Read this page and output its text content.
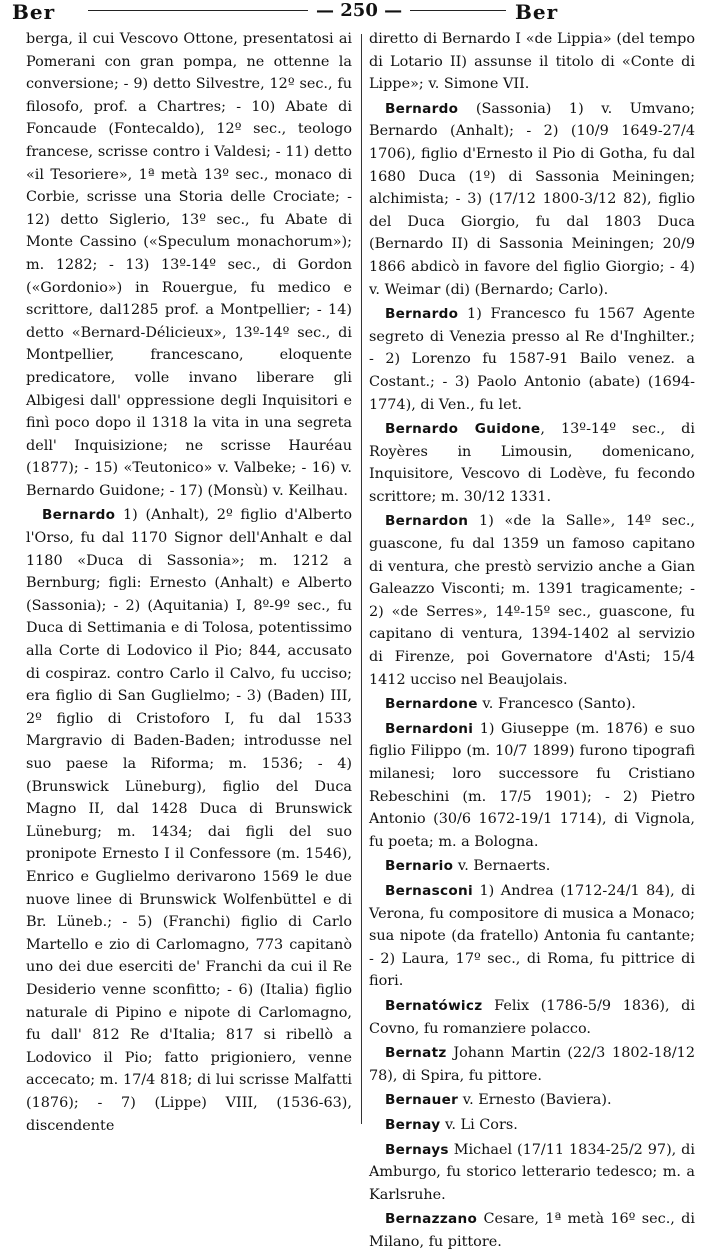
Ber	— 250 —	Ber

berga, il cui Vescovo Ottone, presentatosi ai Pomerani con gran pompa, ne ottenne la conversione; - 9) detto Silvestre, 12º sec., fu filosofo, prof. a Chartres; - 10) Abate di Foncaude (Fontecaldo), 12º sec., teologo francese, scrisse contro i Valdesi; - 11) detto «il Tesoriere», 1ª metà 13º sec., monaco di Corbie, scrisse una Storia delle Crociate; - 12) detto Siglerio, 13º sec., fu Abate di Monte Cassino («Speculum monachorum»); m. 1282; - 13) 13º-14º sec., di Gordon («Gordonio») in Rouergue, fu medico e scrittore, dal1285 prof. a Montpellier; - 14) detto «Bernard-Délicieux», 13º-14º sec., di Montpellier, francescano, eloquente predicatore, volle invano liberare gli Albigesi dall' oppressione degli Inquisitori e finì poco dopo il 1318 la vita in una segreta dell' Inquisizione; ne scrisse Hauréau (1877); - 15) «Teutonico» v. Valbeke; - 16) v. Bernardo Guidone; - 17) (Monsù) v. Keilhau.

Bernardo 1) (Anhalt), 2º figlio d'Alberto l'Orso, fu dal 1170 Signor dell'Anhalt e dal 1180 «Duca di Sassonia»; m. 1212 a Bernburg; figli: Ernesto (Anhalt) e Alberto (Sassonia); - 2) (Aquitania) I, 8º-9º sec., fu Duca di Settimania e di Tolosa, potentissimo alla Corte di Lodovico il Pio; 844, accusato di cospiraz. contro Carlo il Calvo, fu ucciso; era figlio di San Guglielmo; - 3) (Baden) III, 2º figlio di Cristoforo I, fu dal 1533 Margravio di Baden-Baden; introdusse nel suo paese la Riforma; m. 1536; - 4) (Brunswick Lüneburg), figlio del Duca Magno II, dal 1428 Duca di Brunswick Lüneburg; m. 1434; dai figli del suo pronipote Ernesto I il Confessore (m. 1546), Enrico e Guglielmo derivarono 1569 le due nuove linee di Brunswick Wolfenbüttel e di Br. Lüneb.; - 5) (Franchi) figlio di Carlo Martello e zio di Carlomagno, 773 capitanò uno dei due eserciti de' Franchi da cui il Re Desiderio venne sconfitto; - 6) (Italia) figlio naturale di Pipino e nipote di Carlomagno, fu dall' 812 Re d'Italia; 817 si ribellò a Lodovico il Pio; fatto prigioniero, venne accecato; m. 17/4 818; di lui scrisse Malfatti (1876); - 7) (Lippe) VIII, (1536-63), discendente

diretto di Bernardo I «de Lippia» (del tempo di Lotario II) assunse il titolo di «Conte di Lippe»; v. Simone VII.

Bernardo (Sassonia) 1) v. Umvano; Bernardo (Anhalt); - 2) (10/9 1649-27/4 1706), figlio d'Ernesto il Pio di Gotha, fu dal 1680 Duca (1º) di Sassonia Meiningen; alchimista; - 3) (17/12 1800-3/12 82), figlio del Duca Giorgio, fu dal 1803 Duca (Bernardo II) di Sassonia Meiningen; 20/9 1866 abdicò in favore del figlio Giorgio; - 4) v. Weimar (di) (Bernardo; Carlo).

Bernardo 1) Francesco fu 1567 Agente segreto di Venezia presso al Re d'Inghilter.; - 2) Lorenzo fu 1587-91 Bailo venez. a Costant.; - 3) Paolo Antonio (abate) (1694-1774), di Ven., fu let.

Bernardo Guidone, 13º-14º sec., di Royères in Limousin, domenicano, Inquisitore, Vescovo di Lodève, fu fecondo scrittore; m. 30/12 1331.

Bernardon 1) «de la Salle», 14º sec., guascone, fu dal 1359 un famoso capitano di ventura, che prestò servizio anche a Gian Galeazzo Visconti; m. 1391 tragicamente; - 2) «de Serres», 14º-15º sec., guascone, fu capitano di ventura, 1394-1402 al servizio di Firenze, poi Governatore d'Asti; 15/4 1412 ucciso nel Beaujolais.

Bernardone v. Francesco (Santo).

Bernardoni 1) Giuseppe (m. 1876) e suo figlio Filippo (m. 10/7 1899) furono tipografi milanesi; loro successore fu Cristiano Rebeschini (m. 17/5 1901); - 2) Pietro Antonio (30/6 1672-19/1 1714), di Vignola, fu poeta; m. a Bologna.

Bernario v. Bernaerts.

Bernasconi 1) Andrea (1712-24/1 84), di Verona, fu compositore di musica a Monaco; sua nipote (da fratello) Antonia fu cantante; - 2) Laura, 17º sec., di Roma, fu pittrice di fiori.

Bernatówicz Felix (1786-5/9 1836), di Covno, fu romanziere polacco.

Bernatz Johann Martin (22/3 1802-18/12 78), di Spira, fu pittore.

Bernauer v. Ernesto (Baviera).

Bernay v. Li Cors.

Bernays Michael (17/11 1834-25/2 97), di Amburgo, fu storico letterario tedesco; m. a Karlsruhe.

Bernazzano Cesare, 1ª metà 16º sec., di Milano, fu pittore.
